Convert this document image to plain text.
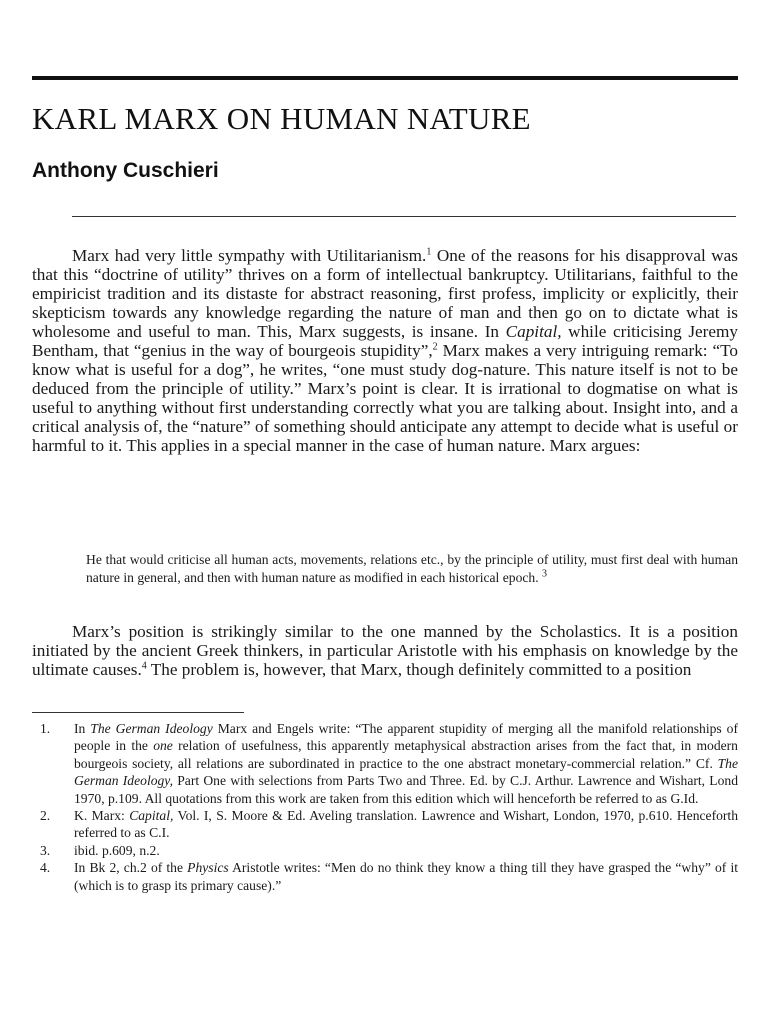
KARL MARX ON HUMAN NATURE
Anthony Cuschieri

Marx had very little sympathy with Utilitarianism.$^1$ One of the reasons for his disapproval was that this “doctrine of utility” thrives on a form of intellectual bankruptcy. Utilitarians, faithful to the empiricist tradition and its distaste for abstract reasoning, first profess, implicity or explicitly, their skepticism towards any knowledge regarding the nature of man and then go on to dictate what is wholesome and useful to man. This, Marx suggests, is insane. In Capital, while criticising Jeremy Bentham, that “genius in the way of bourgeois stupidity”,$^2$ Marx makes a very intriguing remark: “To know what is useful for a dog”, he writes, “one must study dog-nature. This nature itself is not to be deduced from the principle of utility.” Marx’s point is clear. It is irrational to dogmatise on what is useful to anything without first understanding correctly what you are talking about. Insight into, and a critical analysis of, the “nature” of something should anticipate any attempt to decide what is useful or harmful to it. This applies in a special manner in the case of human nature. Marx argues:

He that would criticise all human acts, movements, relations etc., by the principle of utility, must first deal with human nature in general, and then with human nature as modified in each historical epoch. $^3$

Marx’s position is strikingly similar to the one manned by the Scholastics. It is a position initiated by the ancient Greek thinkers, in particular Aristotle with his emphasis on knowledge by the ultimate causes.$^4$ The problem is, however, that Marx, though definitely committed to a position

1.	In The German Ideology Marx and Engels write: “The apparent stupidity of merging all the manifold relationships of people in the one relation of usefulness, this apparently metaphysical abstraction arises from the fact that, in modern bourgeois society, all relations are subordinated in practice to the one abstract monetary-commercial relation.” Cf. The German Ideology, Part One with selections from Parts Two and Three. Ed. by C.J. Arthur. Lawrence and Wishart, Lond 1970, p.109. All quotations from this work are taken from this edition which will henceforth be referred to as G.Id.
2.	K. Marx: Capital, Vol. I, S. Moore & Ed. Aveling translation. Lawrence and Wishart, London, 1970, p.610. Henceforth referred to as C.I.
3.	ibid. p.609, n.2.
4.	In Bk 2, ch.2 of the Physics Aristotle writes: “Men do no think they know a thing till they have grasped the “why” of it (which is to grasp its primary cause).”
